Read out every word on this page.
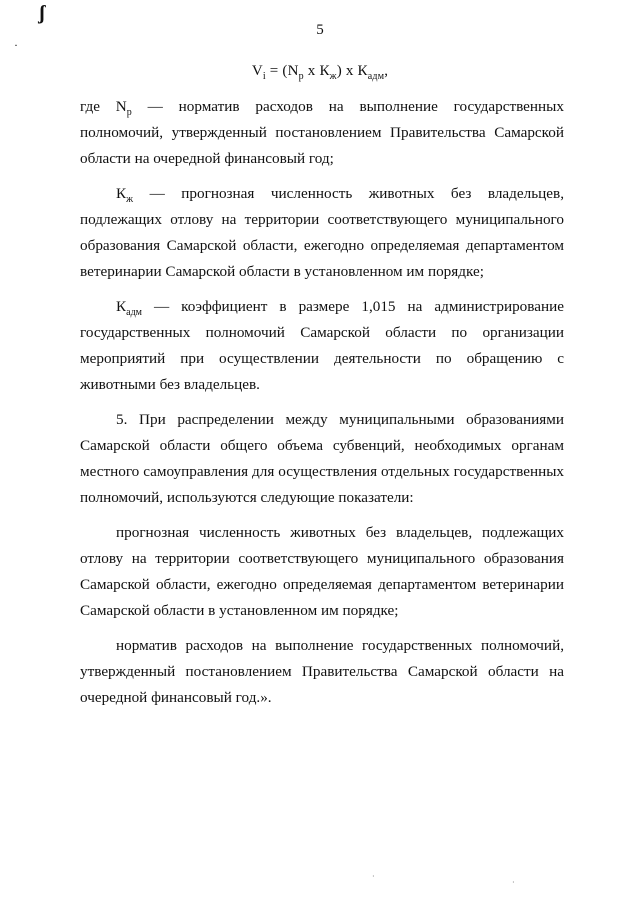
ʃ
·
5
$V_i = (N_р$ х $К_ж$) х $К_{адм}$,

где $N_р$ — норматив расходов на выполнение государственных полномочий, утвержденный постановлением Правительства Самарской области на очередной финансовый год;

$К_ж$ — прогнозная численность животных без владельцев, подлежащих отлову на территории соответствующего муниципального образования Самарской области, ежегодно определяемая департаментом ветеринарии Самарской области в установленном им порядке;

$К_{адм}$ — коэффициент в размере 1,015 на администрирование государственных полномочий Самарской области по организации мероприятий при осуществлении деятельности по обращению с животными без владельцев.

5. При распределении между муниципальными образованиями Самарской области общего объема субвенций, необходимых органам местного самоуправления для осуществления отдельных государственных полномочий, используются следующие показатели:

прогнозная численность животных без владельцев, подлежащих отлову на территории соответствующего муниципального образования Самарской области, ежегодно определяемая департаментом ветеринарии Самарской области в установленном им порядке;

норматив расходов на выполнение государственных полномочий, утвержденный постановлением Правительства Самарской области на очередной финансовый год.».

·
·
